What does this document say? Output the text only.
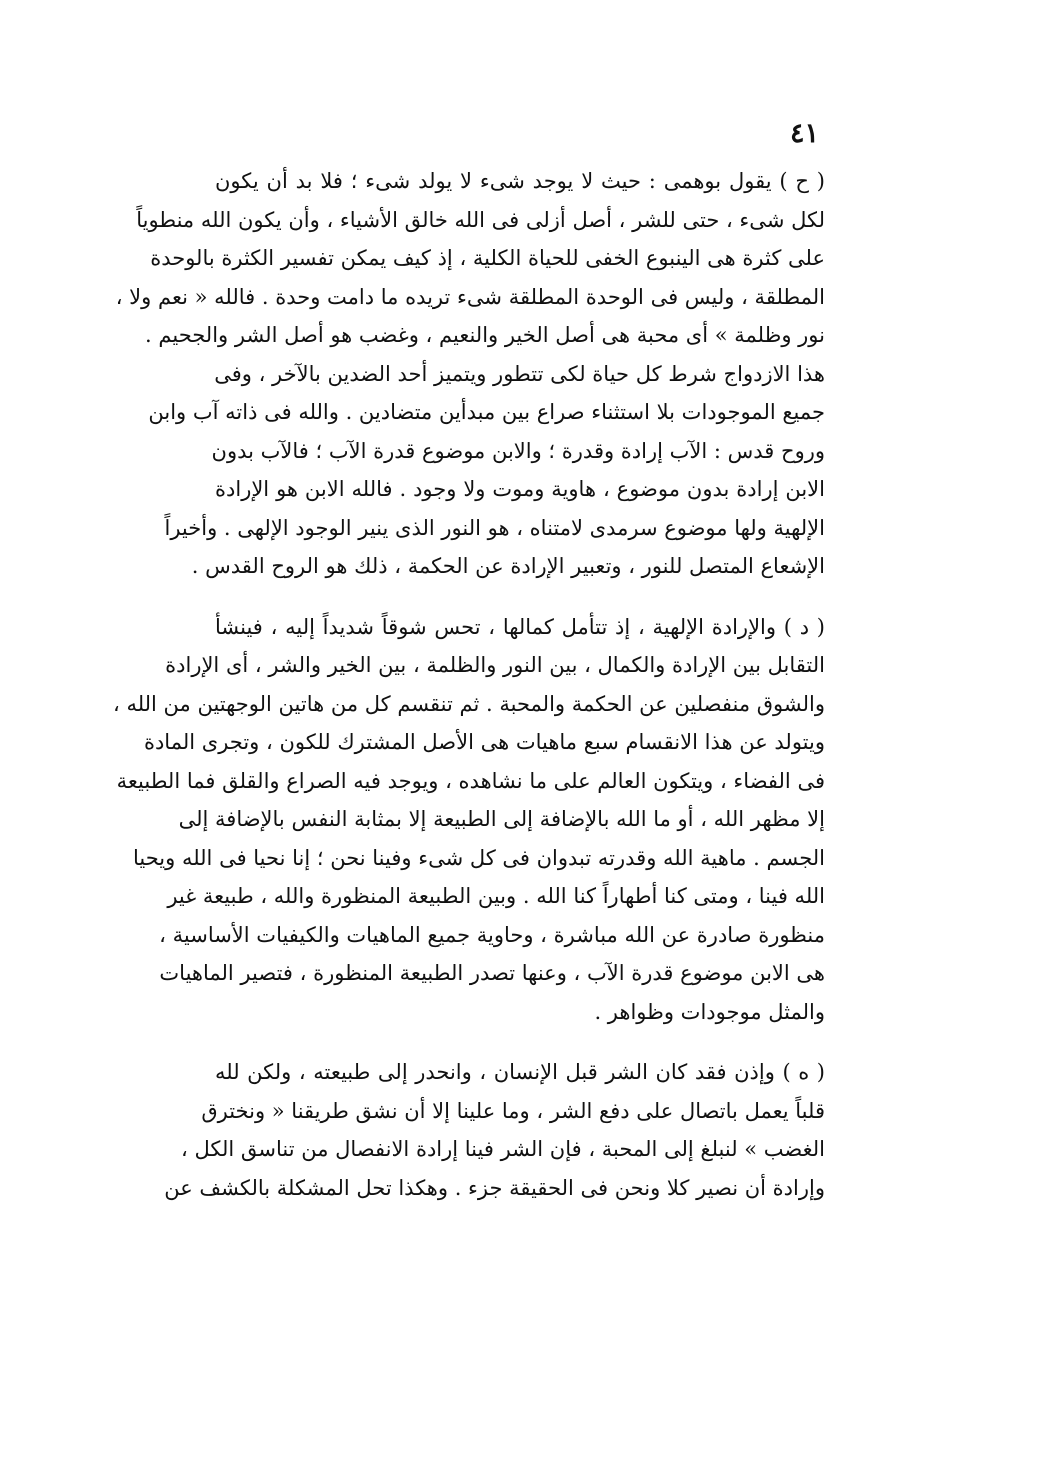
٤١
( ح ) يقول بوهمى : حيث لا يوجد شىء لا يولد شىء ؛ فلا بد أن يكون
لكل شىء ، حتى للشر ، أصل أزلى فى الله خالق الأشياء ، وأن يكون الله منطوياً
على كثرة هى الينبوع الخفى للحياة الكلية ، إذ كيف يمكن تفسير الكثرة بالوحدة
المطلقة ، وليس فى الوحدة المطلقة شىء تريده ما دامت وحدة . فالله « نعم ولا ،
نور وظلمة » أى محبة هى أصل الخير والنعيم ، وغضب هو أصل الشر والجحيم .
هذا الازدواج شرط كل حياة لكى تتطور ويتميز أحد الضدين بالآخر ، وفى
جميع الموجودات بلا استثناء صراع بين مبدأين متضادين . والله فى ذاته آب وابن
وروح قدس : الآب إرادة وقدرة ؛ والابن موضوع قدرة الآب ؛ فالآب بدون
الابن إرادة بدون موضوع ، هاوية وموت ولا وجود . فالله الابن هو الإرادة
الإلهية ولها موضوع سرمدى لامتناه ، هو النور الذى ينير الوجود الإلهى . وأخيراً
الإشعاع المتصل للنور ، وتعبير الإرادة عن الحكمة ، ذلك هو الروح القدس .
( د ) والإرادة الإلهية ، إذ تتأمل كمالها ، تحس شوقاً شديداً إليه ، فينشأ
التقابل بين الإرادة والكمال ، بين النور والظلمة ، بين الخير والشر ، أى الإرادة
والشوق منفصلين عن الحكمة والمحبة . ثم تنقسم كل من هاتين الوجهتين من الله ،
ويتولد عن هذا الانقسام سبع ماهيات هى الأصل المشترك للكون ، وتجرى المادة
فى الفضاء ، ويتكون العالم على ما نشاهده ، ويوجد فيه الصراع والقلق فما الطبيعة
إلا مظهر الله ، أو ما الله بالإضافة إلى الطبيعة إلا بمثابة النفس بالإضافة إلى
الجسم . ماهية الله وقدرته تبدوان فى كل شىء وفينا نحن ؛ إنا نحيا فى الله ويحيا
الله فينا ، ومتى كنا أطهاراً كنا الله . وبين الطبيعة المنظورة والله ، طبيعة غير
منظورة صادرة عن الله مباشرة ، وحاوية جميع الماهيات والكيفيات الأساسية ،
هى الابن موضوع قدرة الآب ، وعنها تصدر الطبيعة المنظورة ، فتصير الماهيات
والمثل موجودات وظواهر .
( ه ) وإذن فقد كان الشر قبل الإنسان ، وانحدر إلى طبيعته ، ولكن لله
قلباً يعمل باتصال على دفع الشر ، وما علينا إلا أن نشق طريقنا « ونخترق
الغضب » لنبلغ إلى المحبة ، فإن الشر فينا إرادة الانفصال من تناسق الكل ،
وإرادة أن نصير كلا ونحن فى الحقيقة جزء . وهكذا تحل المشكلة بالكشف عن
